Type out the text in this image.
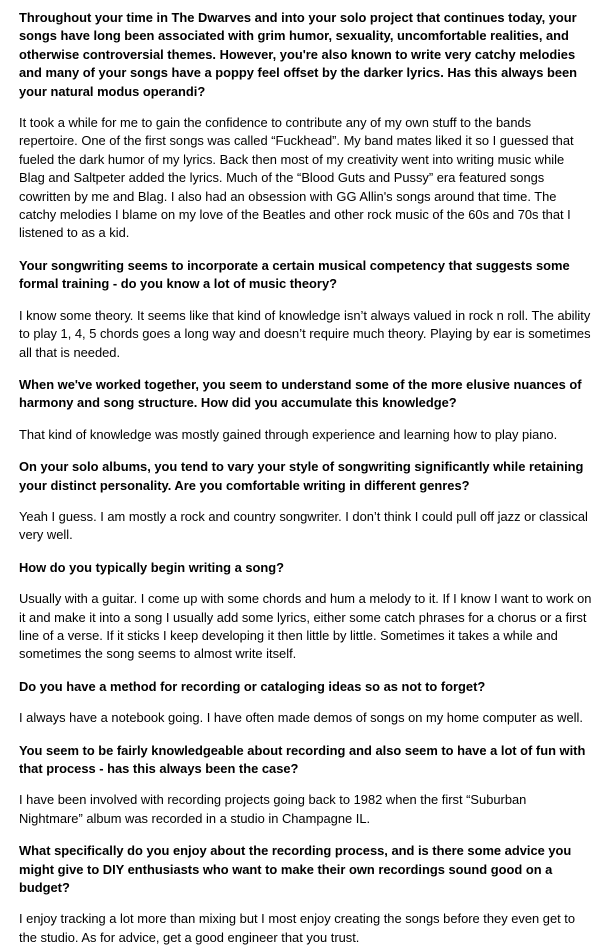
Throughout your time in The Dwarves and into your solo project that continues today, your songs have long been associated with grim humor, sexuality, uncomfortable realities, and otherwise controversial themes. However, you're also known to write very catchy melodies and many of your songs have a poppy feel offset by the darker lyrics. Has this always been your natural modus operandi?

It took a while for me to gain the confidence to contribute any of my own stuff to the bands repertoire. One of the first songs was called “Fuckhead”. My band mates liked it so I guessed that fueled the dark humor of my lyrics. Back then most of my creativity went into writing music while Blag and Saltpeter added the lyrics. Much of the “Blood Guts and Pussy” era featured songs cowritten by me and Blag. I also had an obsession with GG Allin's songs around that time. The catchy melodies I blame on my love of the Beatles and other rock music of the 60s and 70s that I listened to as a kid.

Your songwriting seems to incorporate a certain musical competency that suggests some formal training - do you know a lot of music theory?

I know some theory. It seems like that kind of knowledge isn’t always valued in rock n roll. The ability to play 1, 4, 5 chords goes a long way and doesn’t require much theory. Playing by ear is sometimes all that is needed.

When we've worked together, you seem to understand some of the more elusive nuances of harmony and song structure. How did you accumulate this knowledge?

That kind of knowledge was mostly gained through experience and learning how to play piano.

On your solo albums, you tend to vary your style of songwriting significantly while retaining your distinct personality. Are you comfortable writing in different genres?

Yeah I guess. I am mostly a rock and country songwriter. I don’t think I could pull off jazz or classical very well.

How do you typically begin writing a song?

Usually with a guitar. I come up with some chords and hum a melody to it. If I know I want to work on it and make it into a song I usually add some lyrics, either some catch phrases for a chorus or a first line of a verse. If it sticks I keep developing it then little by little. Sometimes it takes a while and sometimes the song seems to almost write itself.

Do you have a method for recording or cataloging ideas so as not to forget?

I always have a notebook going. I have often made demos of songs on my home computer as well.

You seem to be fairly knowledgeable about recording and also seem to have a lot of fun with that process - has this always been the case?

I have been involved with recording projects going back to 1982 when the first “Suburban Nightmare” album was recorded in a studio in Champagne IL.

What specifically do you enjoy about the recording process, and is there some advice you might give to DIY enthusiasts who want to make their own recordings sound good on a budget?

I enjoy tracking a lot more than mixing but I most enjoy creating the songs before they even get to the studio. As for advice, get a good engineer that you trust.
